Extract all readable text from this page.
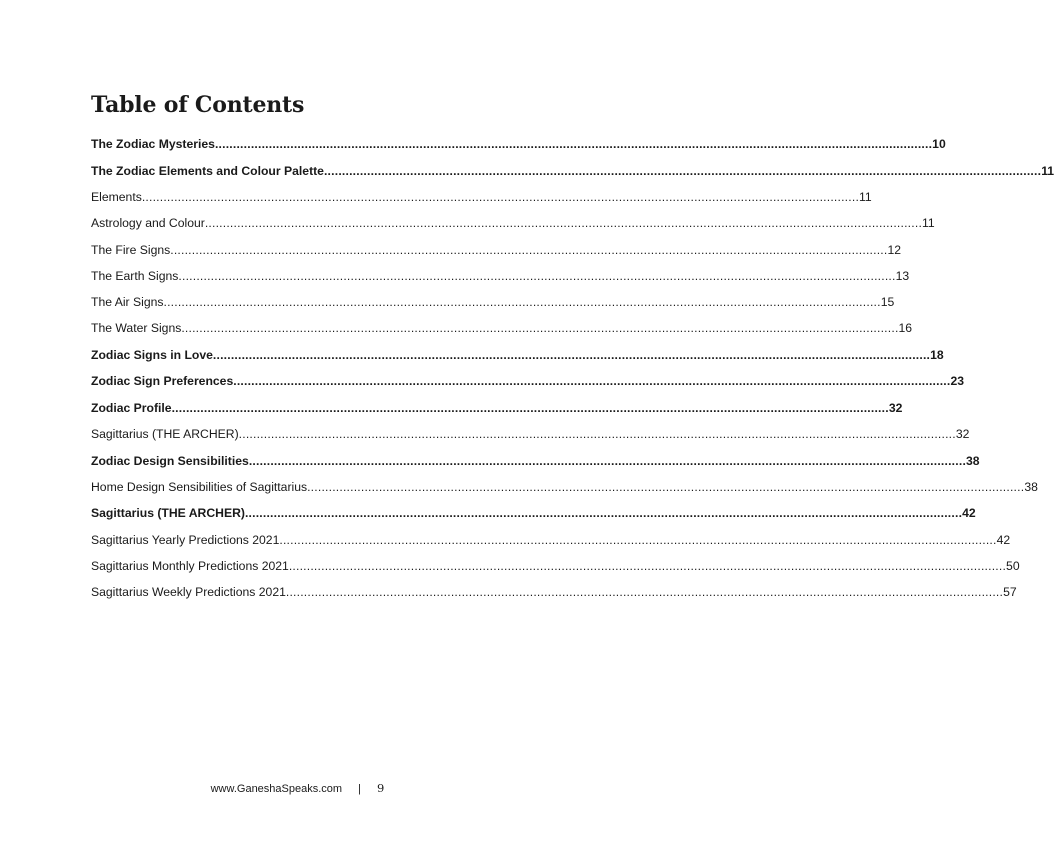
Table of Contents
The Zodiac Mysteries ........................................................................................................................................................................................................ 10
The Zodiac Elements and Colour Palette ........................................................................................................................................................................................................ 11
Elements ........................................................................................................................................................................................................ 11
Astrology and Colour ........................................................................................................................................................................................................ 11
The Fire Signs ........................................................................................................................................................................................................ 12
The Earth Signs ........................................................................................................................................................................................................ 13
The Air Signs ........................................................................................................................................................................................................ 15
The Water Signs ........................................................................................................................................................................................................ 16
Zodiac Signs in Love ........................................................................................................................................................................................................ 18
Zodiac Sign Preferences ........................................................................................................................................................................................................ 23
Zodiac Profile ........................................................................................................................................................................................................ 32
Sagittarius (THE ARCHER) ........................................................................................................................................................................................................ 32
Zodiac Design Sensibilities ........................................................................................................................................................................................................ 38
Home Design Sensibilities of Sagittarius ........................................................................................................................................................................................................ 38
Sagittarius (THE ARCHER) ........................................................................................................................................................................................................ 42
Sagittarius Yearly Predictions 2021 ........................................................................................................................................................................................................ 42
Sagittarius Monthly Predictions 2021 ........................................................................................................................................................................................................ 50
Sagittarius Weekly Predictions 2021 ........................................................................................................................................................................................................ 57
www.GaneshaSpeaks.com | 9
